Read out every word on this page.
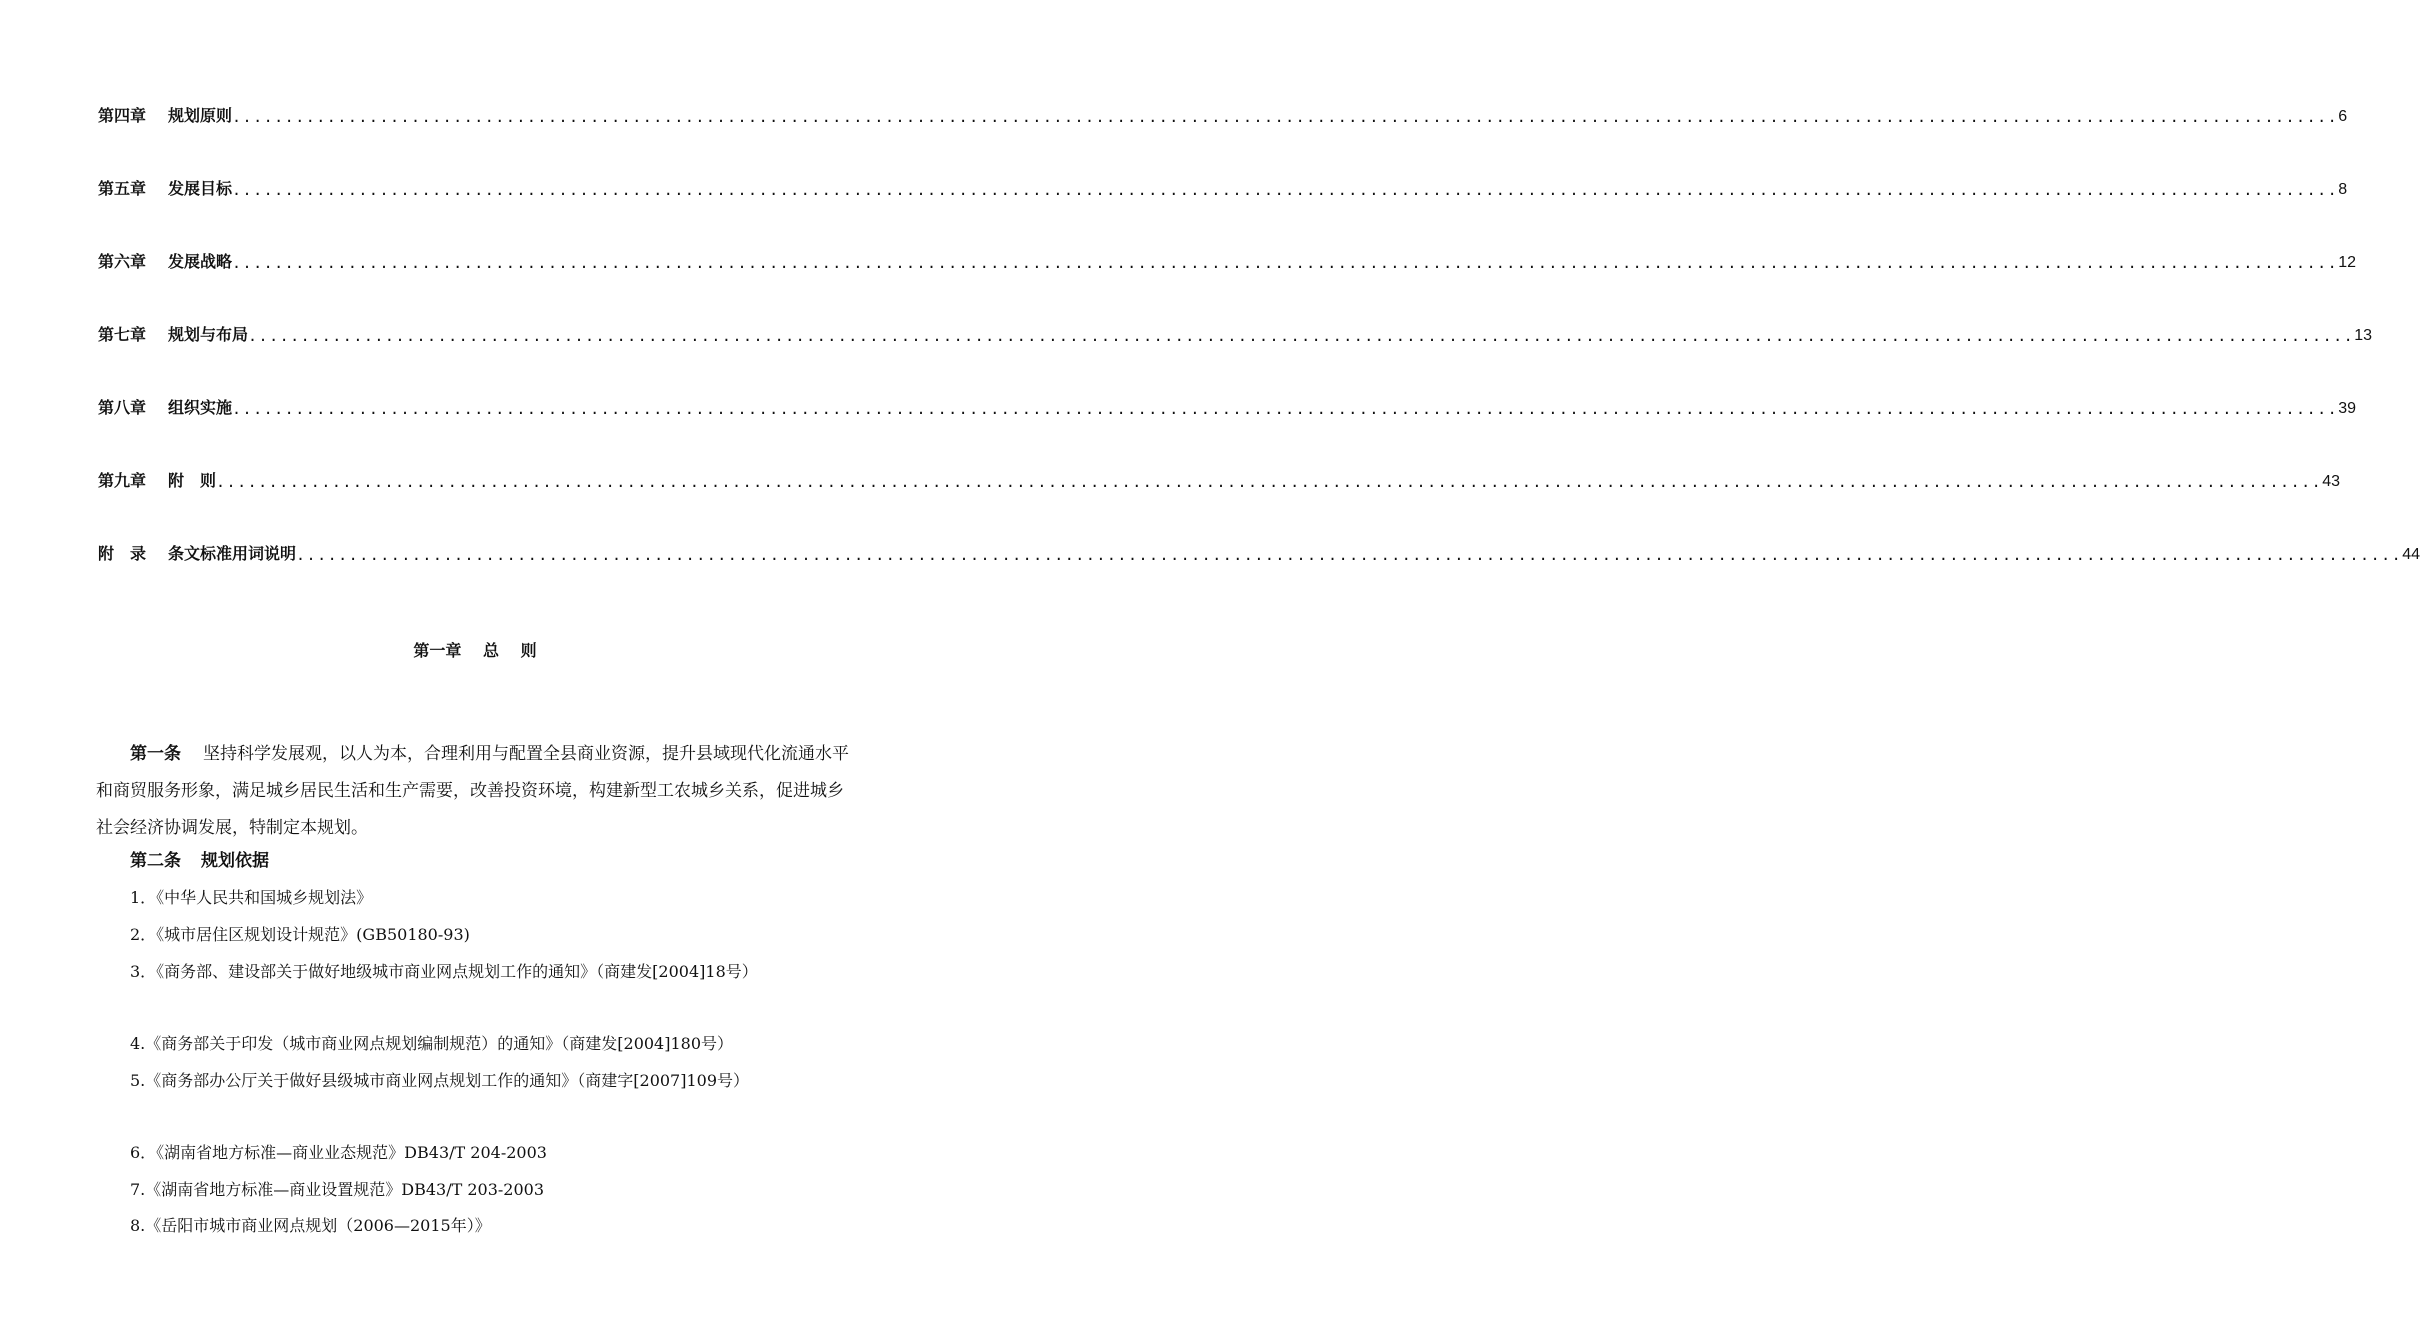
第四章 规划原则 ........................................................................................................................................................................................................ 6
第五章 发展目标 ........................................................................................................................................................................................................ 8
第六章 发展战略 ........................................................................................................................................................................................................ 12
第七章 规划与布局 ........................................................................................................................................................................................................ 13
第八章 组织实施 ........................................................................................................................................................................................................ 39
第九章 附　则 ........................................................................................................................................................................................................ 43
附　录 条文标准用词说明 ........................................................................................................................................................................................................ 44
第一章　 总　 则
第一条 坚持科学发展观，以人为本，合理利用与配置全县商业资源，提升县域现代化流通水平和商贸服务形象，满足城乡居民生活和生产需要，改善投资环境，构建新型工农城乡关系，促进城乡社会经济协调发展，特制定本规划。
第二条 规划依据
1．《中华人民共和国城乡规划法》
2．《城市居住区规划设计规范》(GB50180-93)
3．《商务部、建设部关于做好地级城市商业网点规划工作的通知》（商建发[2004]18号）
4.《商务部关于印发（城市商业网点规划编制规范）的通知》（商建发[2004]180号）
5.《商务部办公厅关于做好县级城市商业网点规划工作的通知》（商建字[2007]109号）
6．《湖南省地方标准—商业业态规范》DB43/T 204-2003
7.《湖南省地方标准—商业设置规范》DB43/T 203-2003
8.《岳阳市城市商业网点规划（2006—2015年）》
